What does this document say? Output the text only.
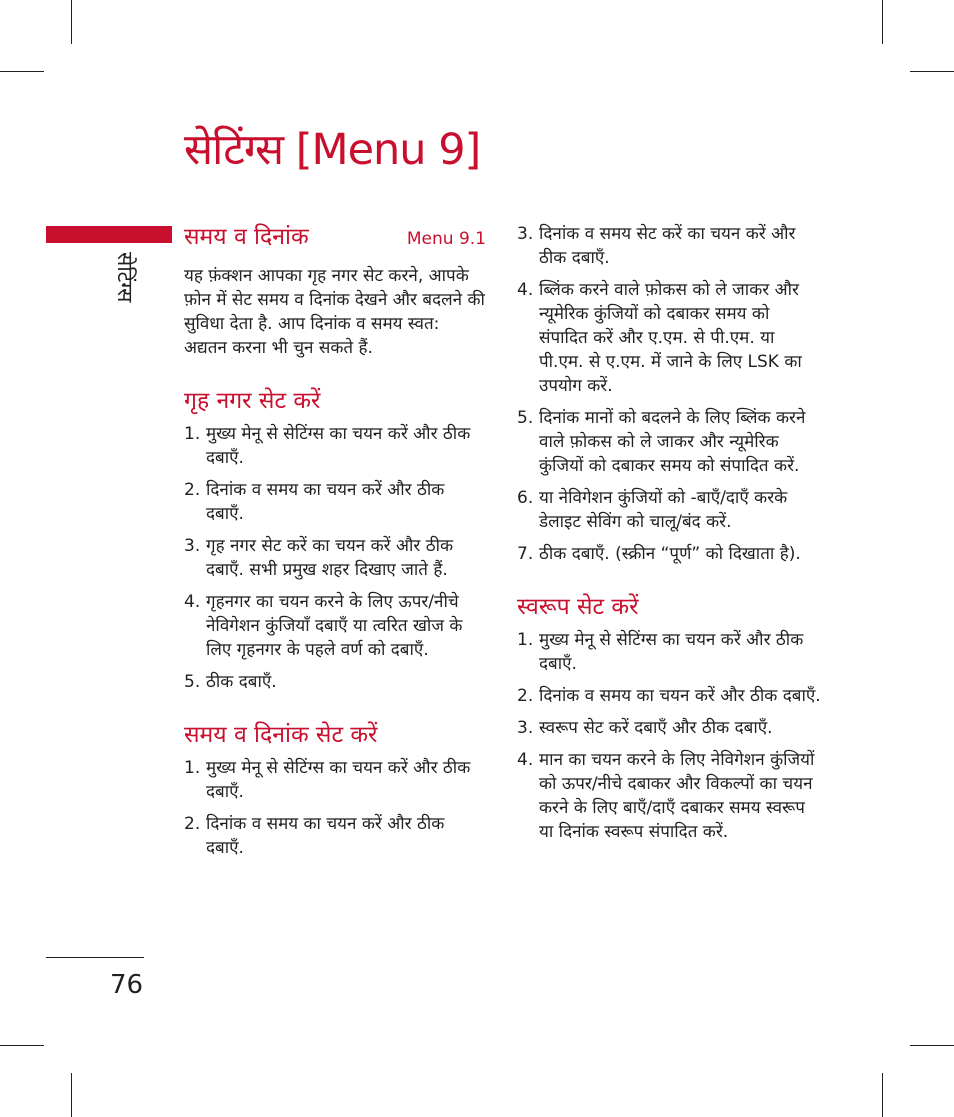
सेटिंग्स [Menu 9]
सेटिंग्स
76
समय व दिनांक	Menu 9.1

यह फ़ंक्शन आपका गृह नगर सेट करने, आपके फ़ोन में सेट समय व दिनांक देखने और बदलने की सुविधा देता है. आप दिनांक व समय स्वत: अद्यतन करना भी चुन सकते हैं.

गृह नगर सेट करें
1. मुख्य मेनू से सेटिंग्स का चयन करें और ठीक दबाएँ.
2. दिनांक व समय का चयन करें और ठीक दबाएँ.
3. गृह नगर सेट करें का चयन करें और ठीक दबाएँ. सभी प्रमुख शहर दिखाए जाते हैं.
4. गृहनगर का चयन करने के लिए ऊपर/नीचे नेविगेशन कुंजियाँ दबाएँ या त्वरित खोज के लिए गृहनगर के पहले वर्ण को दबाएँ.
5. ठीक दबाएँ.
समय व दिनांक सेट करें
1. मुख्य मेनू से सेटिंग्स का चयन करें और ठीक दबाएँ.
2. दिनांक व समय का चयन करें और ठीक दबाएँ.
3. दिनांक व समय सेट करें का चयन करें और ठीक दबाएँ.
4. ब्लिंक करने वाले फ़ोकस को ले जाकर और न्यूमेरिक कुंजियों को दबाकर समय को संपादित करें और ए.एम. से पी.एम. या पी.एम. से ए.एम. में जाने के लिए LSK का उपयोग करें.
5. दिनांक मानों को बदलने के लिए ब्लिंक करने वाले फ़ोकस को ले जाकर और न्यूमेरिक कुंजियों को दबाकर समय को संपादित करें.
6. या नेविगेशन कुंजियों को -बाएँ/दाएँ करके डेलाइट सेविंग को चालू/बंद करें.
7. ठीक दबाएँ. (स्क्रीन “पूर्ण” को दिखाता है).
स्वरूप सेट करें
1. मुख्य मेनू से सेटिंग्स का चयन करें और ठीक दबाएँ.
2. दिनांक व समय का चयन करें और ठीक दबाएँ.
3. स्वरूप सेट करें दबाएँ और ठीक दबाएँ.
4. मान का चयन करने के लिए नेविगेशन कुंजियों को ऊपर/नीचे दबाकर और विकल्पों का चयन करने के लिए बाएँ/दाएँ दबाकर समय स्वरूप या दिनांक स्वरूप संपादित करें.
